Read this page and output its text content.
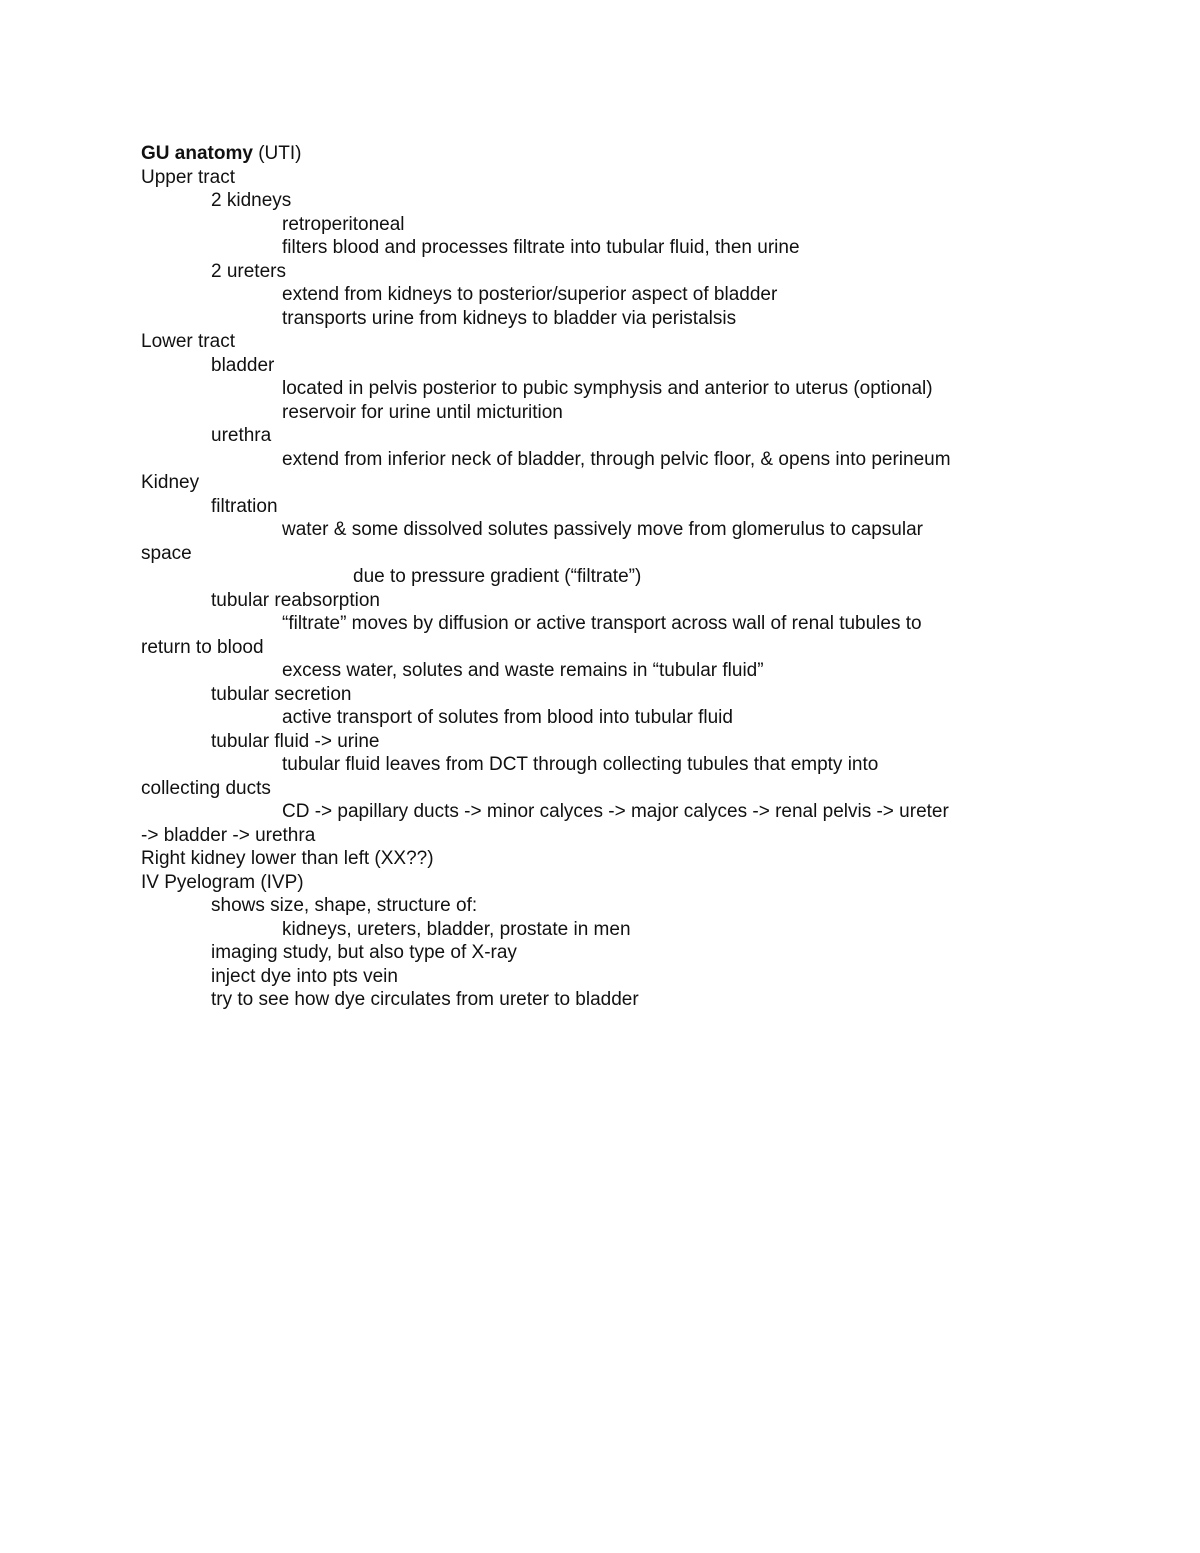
GU anatomy (UTI)
Upper tract
2 kidneys
retroperitoneal
filters blood and processes filtrate into tubular fluid, then urine
2 ureters
extend from kidneys to posterior/superior aspect of bladder
transports urine from kidneys to bladder via peristalsis
Lower tract
bladder
located in pelvis posterior to pubic symphysis and anterior to uterus (optional)
reservoir for urine until micturition
urethra
extend from inferior neck of bladder, through pelvic floor, & opens into perineum
Kidney
filtration
water & some dissolved solutes passively move from glomerulus to capsular
space
due to pressure gradient (“filtrate”)
tubular reabsorption
“filtrate” moves by diffusion or active transport across wall of renal tubules to
return to blood
excess water, solutes and waste remains in “tubular fluid”
tubular secretion
active transport of solutes from blood into tubular fluid
tubular fluid -> urine
tubular fluid leaves from DCT through collecting tubules that empty into
collecting ducts
CD -> papillary ducts -> minor calyces -> major calyces -> renal pelvis -> ureter
-> bladder -> urethra
Right kidney lower than left (XX??)
IV Pyelogram (IVP)
shows size, shape, structure of:
kidneys, ureters, bladder, prostate in men
imaging study, but also type of X-ray
inject dye into pts vein
try to see how dye circulates from ureter to bladder
